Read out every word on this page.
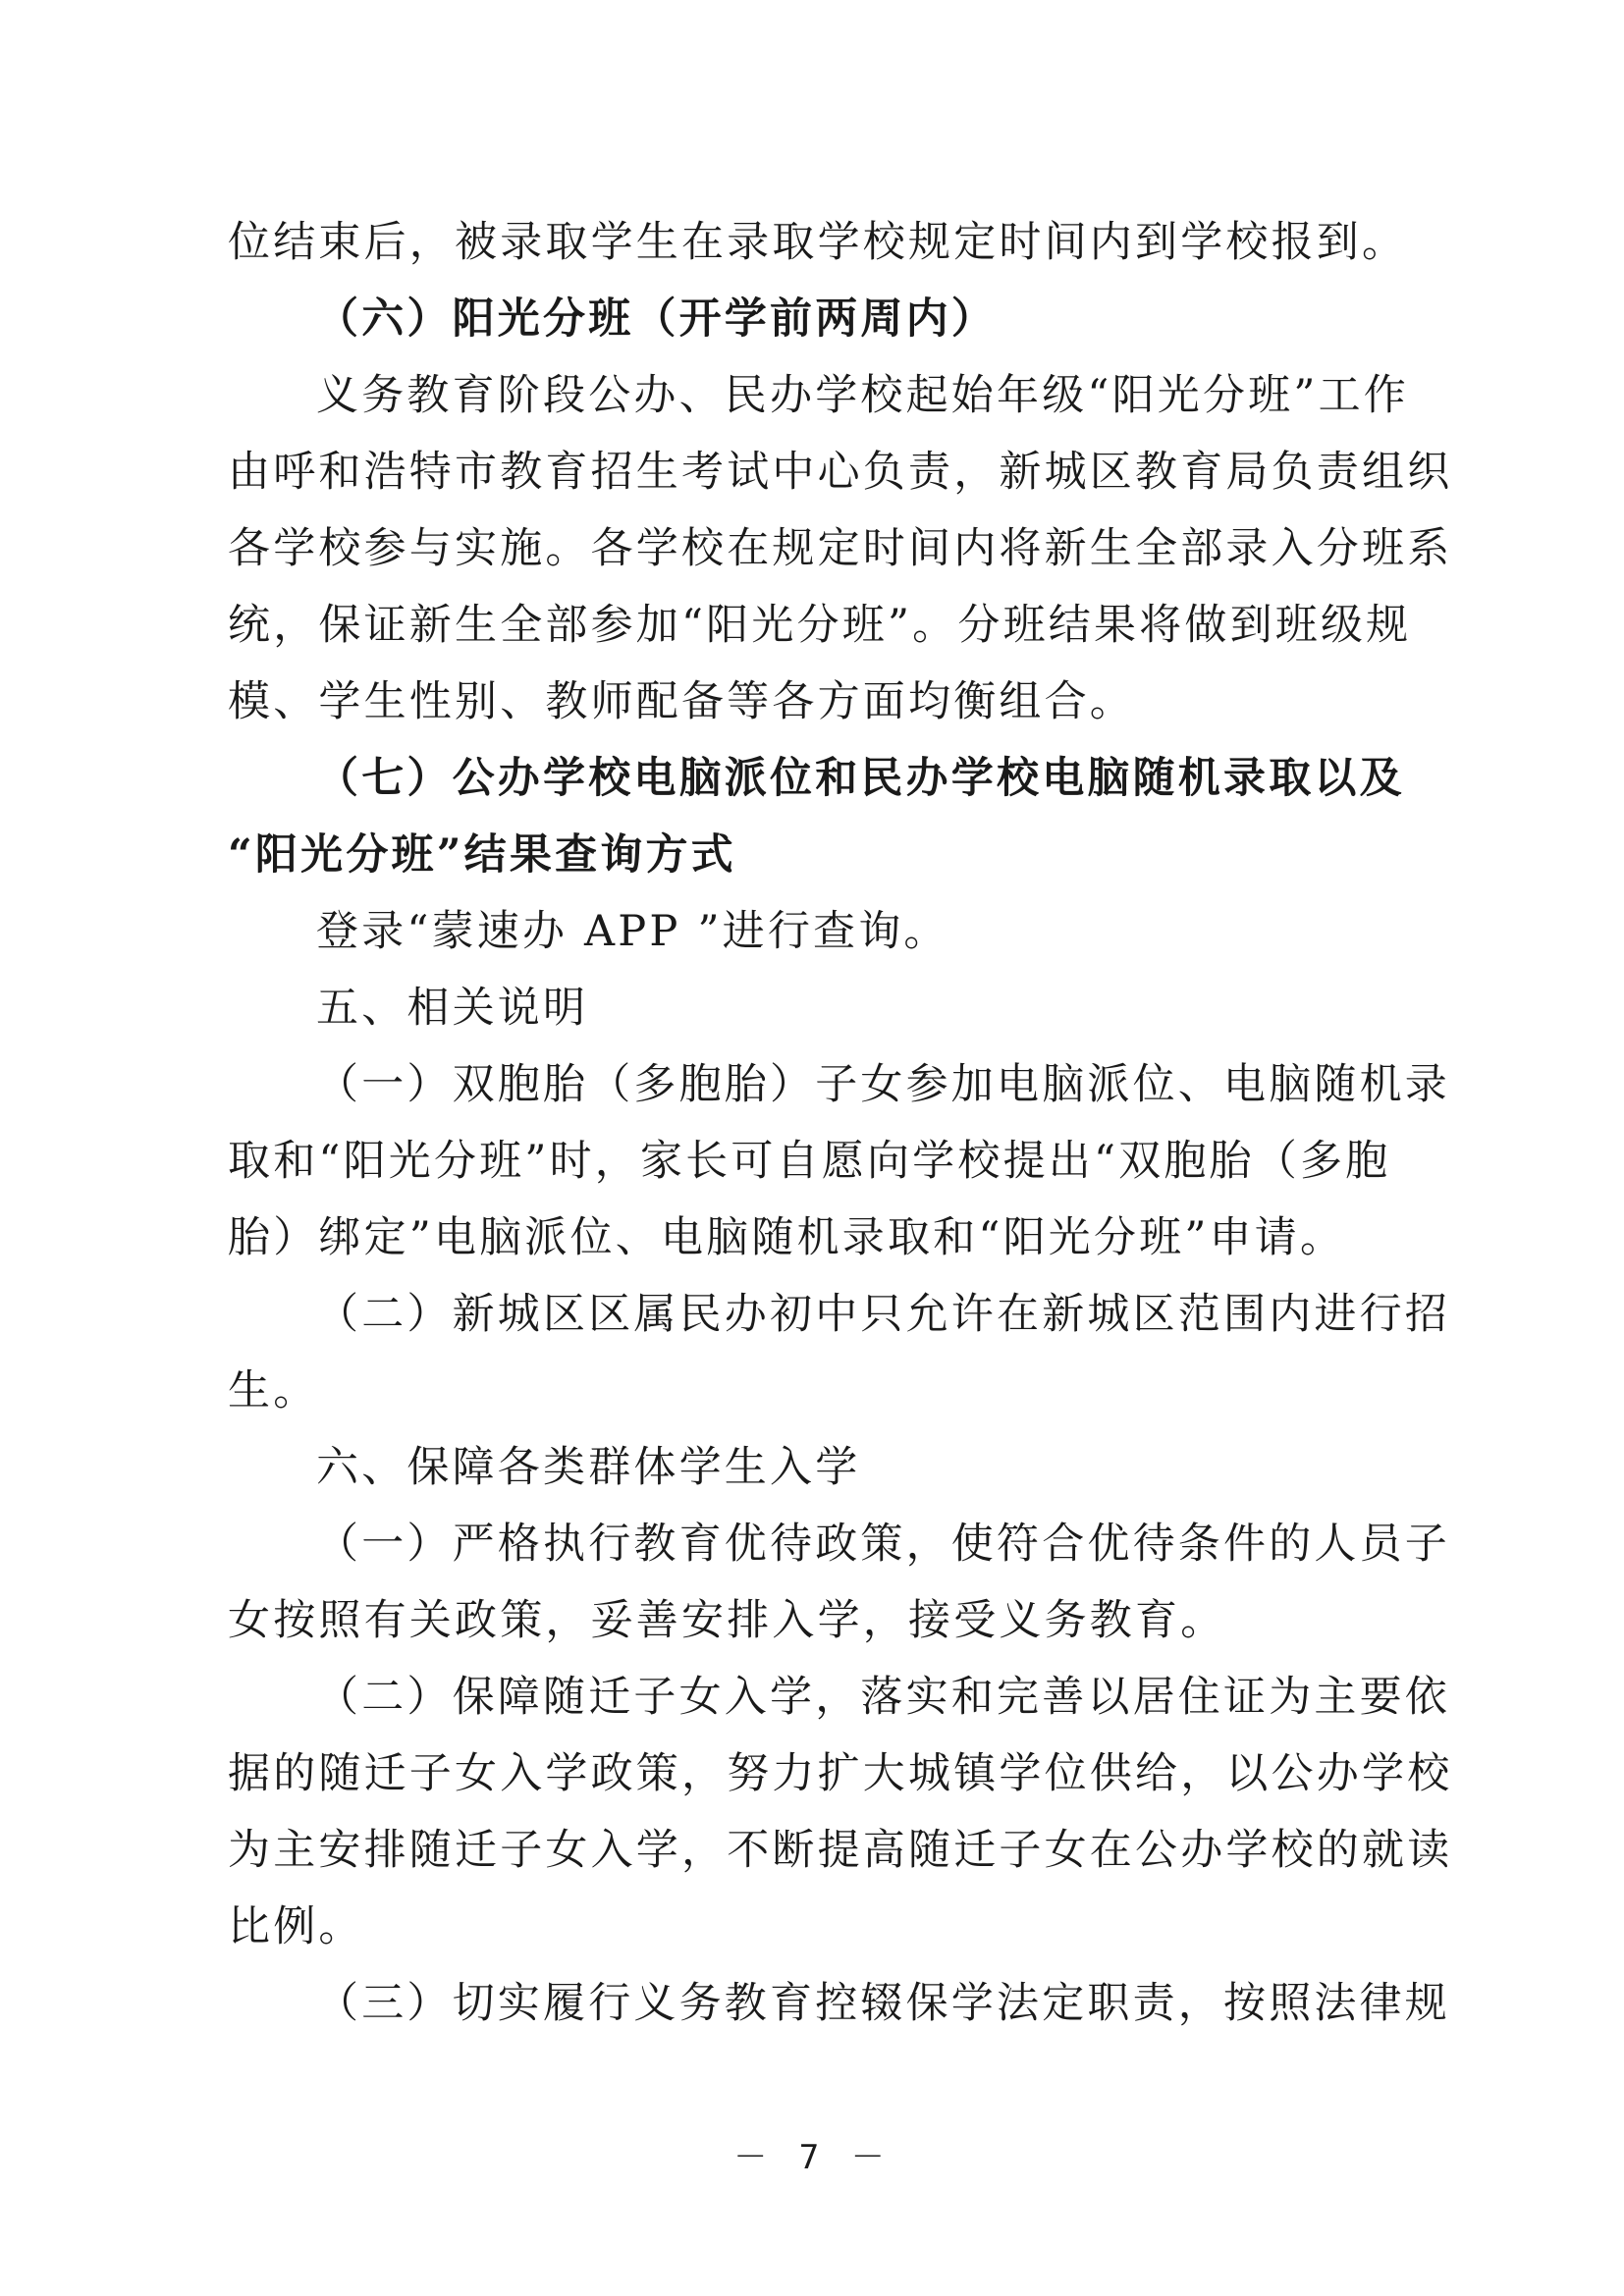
位结束后，被录取学生在录取学校规定时间内到学校报到。

（六）阳光分班（开学前两周内）

义务教育阶段公办、民办学校起始年级“阳光分班”工作

由呼和浩特市教育招生考试中心负责，新城区教育局负责组织

各学校参与实施。各学校在规定时间内将新生全部录入分班系

统，保证新生全部参加“阳光分班”。分班结果将做到班级规

模、学生性别、教师配备等各方面均衡组合。

（七）公办学校电脑派位和民办学校电脑随机录取以及

“阳光分班”结果查询方式

登录“蒙速办 APP ”进行查询。

五、相关说明

（一）双胞胎（多胞胎）子女参加电脑派位、电脑随机录

取和“阳光分班”时，家长可自愿向学校提出“双胞胎（多胞

胎）绑定”电脑派位、电脑随机录取和“阳光分班”申请。

（二）新城区区属民办初中只允许在新城区范围内进行招

生。

六、保障各类群体学生入学

（一）严格执行教育优待政策，使符合优待条件的人员子

女按照有关政策，妥善安排入学，接受义务教育。

（二）保障随迁子女入学，落实和完善以居住证为主要依

据的随迁子女入学政策，努力扩大城镇学位供给，以公办学校

为主安排随迁子女入学，不断提高随迁子女在公办学校的就读

比例。

（三）切实履行义务教育控辍保学法定职责，按照法律规

－ 7 －
